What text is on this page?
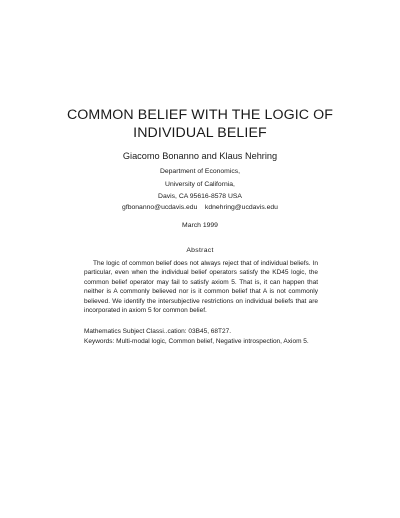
COMMON BELIEF WITH THE LOGIC OF
INDIVIDUAL BELIEF
Giacomo Bonanno and Klaus Nehring
Department of Economics,
University of California,
Davis, CA 95616-8578 USA
gfbonanno@ucdavis.edu kdnehring@ucdavis.edu
March 1999
Abstract

The logic of common belief does not always reject that of individual beliefs. In particular, even when the individual belief operators satisfy the KD45 logic, the common belief operator may fail to satisfy axiom 5. That is, it can happen that neither is A commonly believed nor is it common belief that A is not commonly believed. We identify the intersubjective restrictions on individual beliefs that are incorporated in axiom 5 for common belief.

Mathematics Subject Classi..cation: 03B45, 68T27.

Keywords: Multi-modal logic, Common belief, Negative introspection, Axiom 5.
